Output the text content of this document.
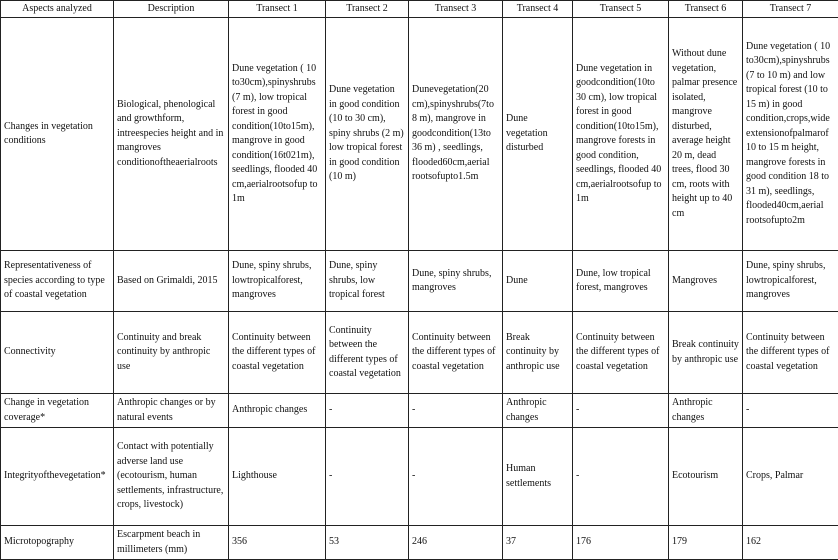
Aspects analyzed	Description	Transect 1	Transect 2	Transect 3	Transect 4	Transect 5	Transect 6	Transect 7
Changes in vegetation conditions	Biological, phenological and growthform, intreespecies height and in mangroves conditionoftheaerialroots	Dune vegetation ( 10 to30cm),spinyshrubs (7 m), low tropical forest in good condition(10to15m), mangrove in good condition(16t021m), seedlings, flooded 40 cm,aerialrootsofup to 1m	Dune vegetation in good condition (10 to 30 cm), spiny shrubs (2 m) low tropical forest in good condition (10 m)	Dunevegetation(20 cm),spinyshrubs(7to 8 m), mangrove in goodcondition(13to 36 m) , seedlings, flooded60cm,aerial rootsofupto1.5m	Dune vegetation disturbed	Dune vegetation in goodcondition(10to 30 cm), low tropical forest in good condition(10to15m), mangrove forests in good condition, seedlings, flooded 40 cm,aerialrootsofup to 1m	Without dune vegetation, palmar presence isolated, mangrove disturbed, average height 20 m, dead trees, flood 30 cm, roots with height up to 40 cm	Dune vegetation ( 10 to30cm),spinyshrubs (7 to 10 m) and low tropical forest (10 to 15 m) in good condition,crops,wide extensionofpalmarof 10 to 15 m height, mangrove forests in good condition 18 to 31 m), seedlings, flooded40cm,aerial rootsofupto2m
Representativeness of species according to type of coastal vegetation	Based on Grimaldi, 2015	Dune, spiny shrubs, lowtropicalforest, mangroves	Dune, spiny shrubs, low tropical forest	Dune, spiny shrubs, mangroves	Dune	Dune, low tropical forest, mangroves	Mangroves	Dune, spiny shrubs, lowtropicalforest, mangroves
Connectivity	Continuity and break continuity by anthropic use	Continuity between the different types of coastal vegetation	Continuity between the different types of coastal vegetation	Continuity between the different types of coastal vegetation	Break continuity by anthropic use	Continuity between the different types of coastal vegetation	Break continuity by anthropic use	Continuity between the different types of coastal vegetation
Change in vegetation coverage*	Anthropic changes or by natural events	Anthropic changes	-	-	Anthropic changes	-	Anthropic changes	-
Integrityofthevegetation*	Contact with potentially adverse land use (ecotourism, human settlements, infrastructure, crops, livestock)	Lighthouse	-	-	Human settlements	-	Ecotourism	Crops, Palmar
Microtopography	Escarpment beach in millimeters (mm)	356	53	246	37	176	179	162
